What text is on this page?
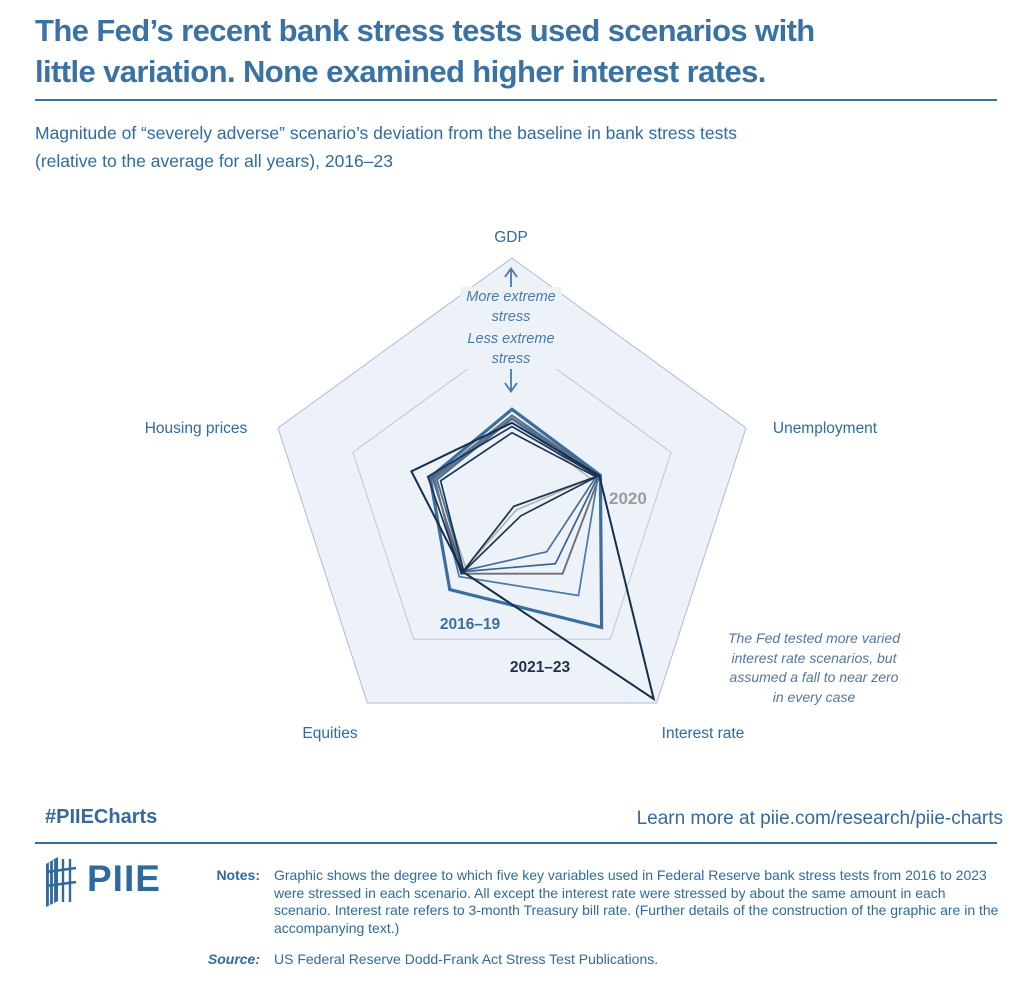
The Fed’s recent bank stress tests used scenarios with
little variation. None examined higher interest rates.
Magnitude of “severely adverse” scenario’s deviation from the baseline in bank stress tests
(relative to the average for all years), 2016–23
GDP
Unemployment
Interest rate
Equities
Housing prices
More extreme
stress
Less extreme
stress
2016–19
2020
2021–23
The Fed tested more varied
interest rate scenarios, but
assumed a fall to near zero
in every case
#PIIECharts	Learn more at piie.com/research/piie-charts
PIIE	Notes: Graphic shows the degree to which five key variables used in Federal Reserve bank stress tests from 2016 to 2023 were stressed in each scenario. All except the interest rate were stressed by about the same amount in each scenario. Interest rate refers to 3-month Treasury bill rate. (Further details of the construction of the graphic are in the accompanying text.)
Source: US Federal Reserve Dodd-Frank Act Stress Test Publications.
